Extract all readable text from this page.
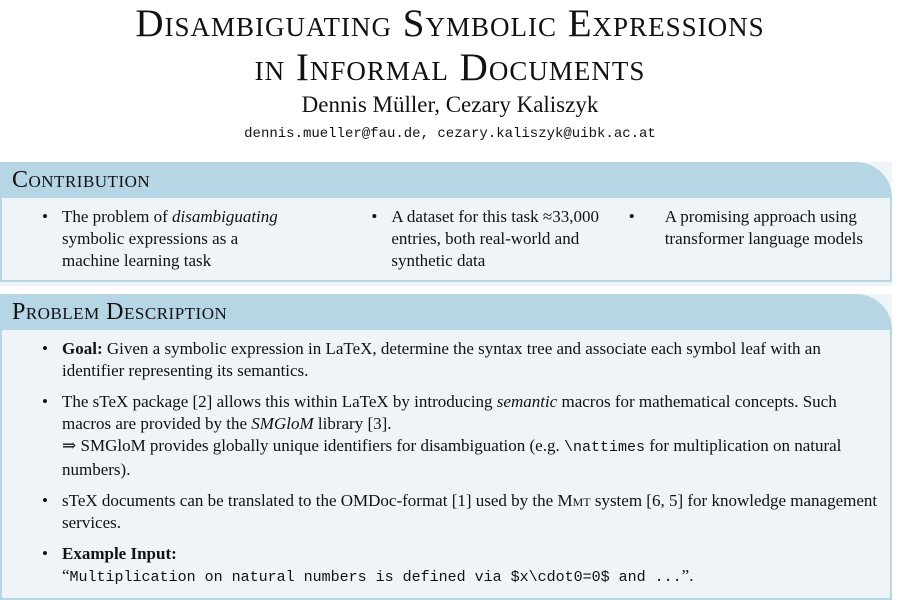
Disambiguating Symbolic Expressions
in Informal Documents
Dennis Müller, Cezary Kaliszyk
dennis.mueller@fau.de, cezary.kaliszyk@uibk.ac.at
Contribution
• The problem of disambiguating symbolic expressions as a machine learning task
• A dataset for this task ≈33,000 entries, both real-world and synthetic data
•	A promising approach using transformer language models
Problem Description
• Goal: Given a symbolic expression in LaTeX, determine the syntax tree and associate each symbol leaf with an identifier representing its semantics.
• The sTeX package [2] allows this within LaTeX by introducing semantic macros for mathematical concepts. Such macros are provided by the SMGloM library [3].
⇒ SMGloM provides globally unique identifiers for disambiguation (e.g. \nattimes for multiplication on natural numbers).
• sTeX documents can be translated to the OMDoc-format [1] used by the Mmt system [6, 5] for knowledge management services.
• Example Input:
“Multiplication on natural numbers is defined via $x\cdot0=0$ and ...”.
